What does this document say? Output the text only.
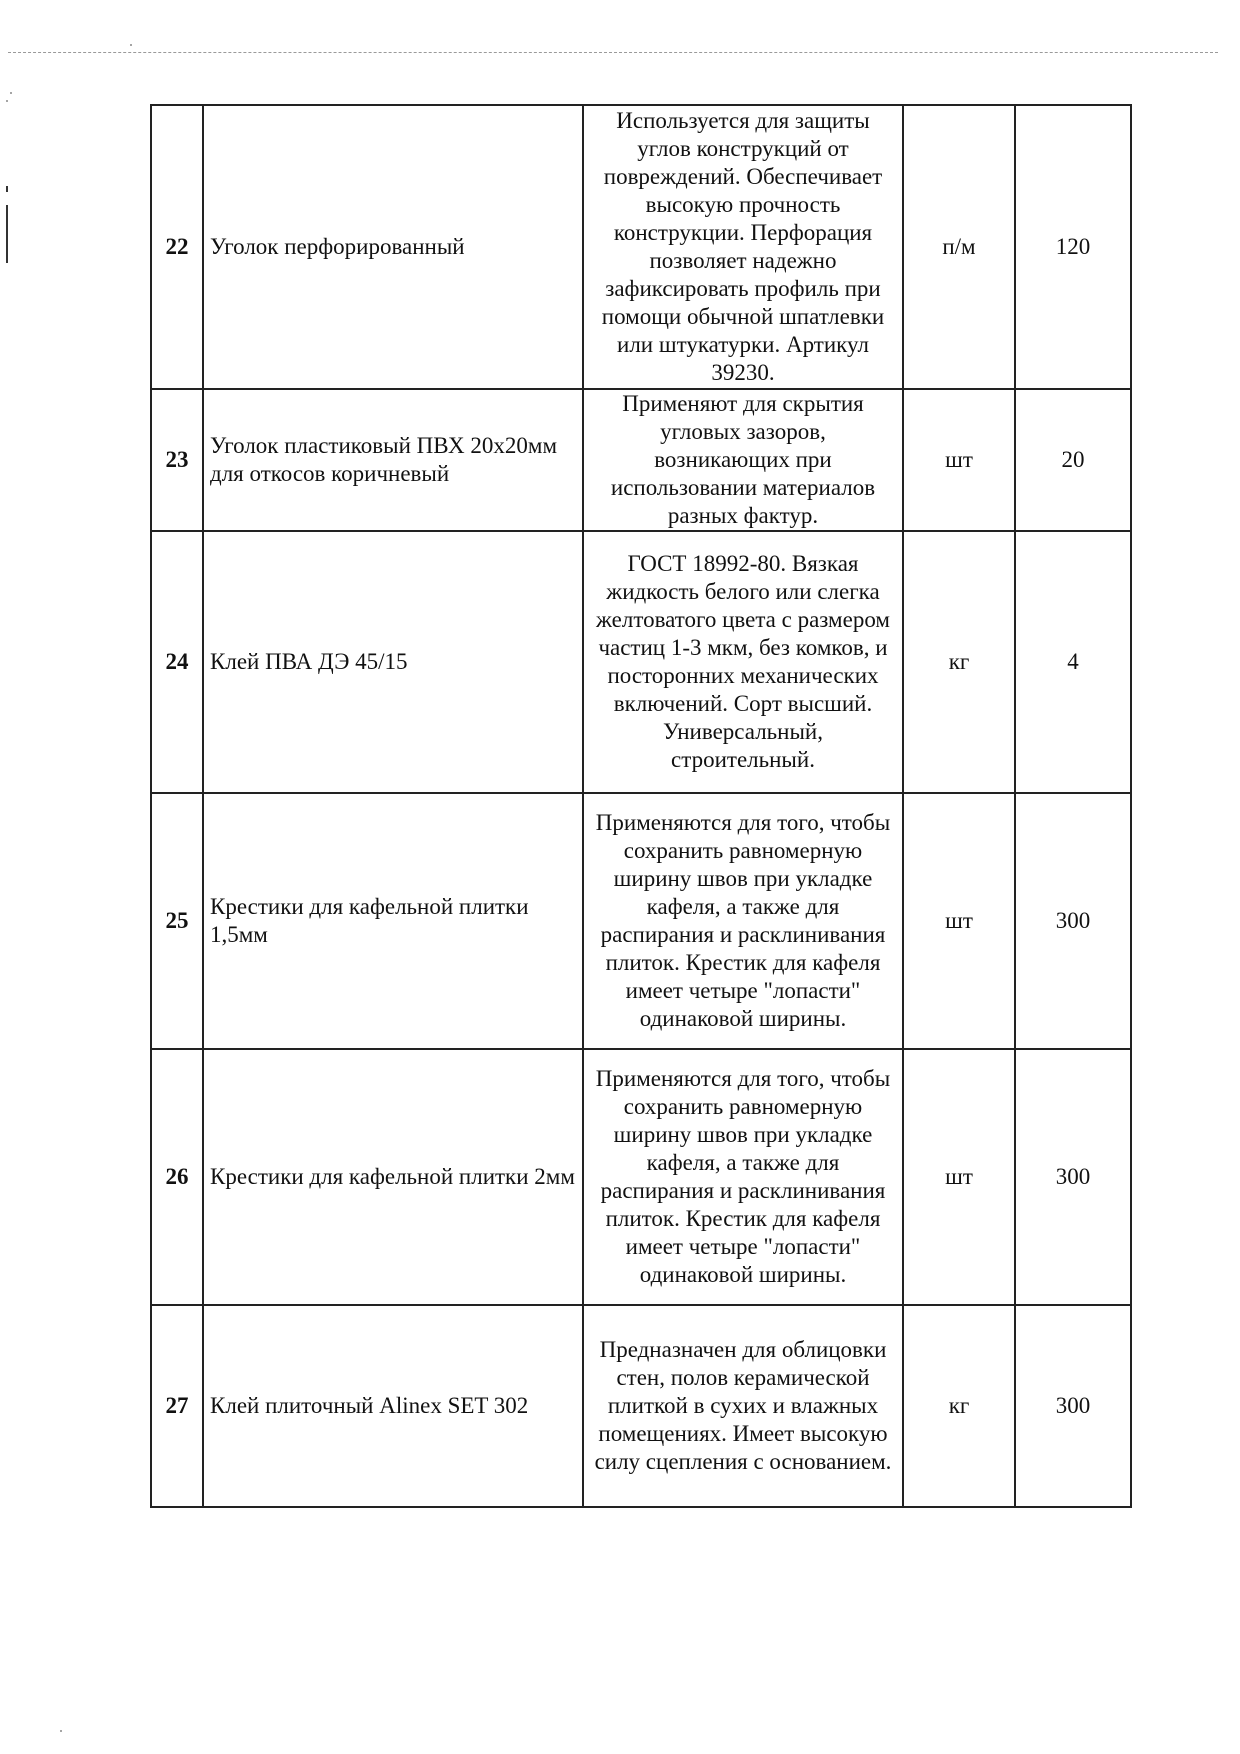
22	Уголок перфорированный	Используется для защиты углов конструкций от повреждений. Обеспечивает высокую прочность конструкции. Перфорация позволяет надежно зафиксировать профиль при помощи обычной шпатлевки или штукатурки. Артикул 39230.	п/м	120
23	Уголок пластиковый ПВХ 20х20мм для откосов коричневый	Применяют для скрытия угловых зазоров, возникающих при использовании материалов разных фактур.	шт	20
24	Клей ПВА ДЭ 45/15	ГОСТ 18992-80. Вязкая жидкость белого или слегка желтоватого цвета с размером частиц 1-3 мкм, без комков, и посторонних механических включений. Сорт высший. Универсальный, строительный.	кг	4
25	Крестики для кафельной плитки 1,5мм	Применяются для того, чтобы сохранить равномерную ширину швов при укладке кафеля, а также для распирания и расклинивания плиток. Крестик для кафеля имеет четыре "лопасти" одинаковой ширины.	шт	300
26	Крестики для кафельной плитки 2мм	Применяются для того, чтобы сохранить равномерную ширину швов при укладке кафеля, а также для распирания и расклинивания плиток. Крестик для кафеля имеет четыре "лопасти" одинаковой ширины.	шт	300
27	Клей плиточный Alinex SET 302	Предназначен для облицовки стен, полов керамической плиткой в сухих и влажных помещениях. Имеет высокую силу сцепления с основанием.	кг	300
